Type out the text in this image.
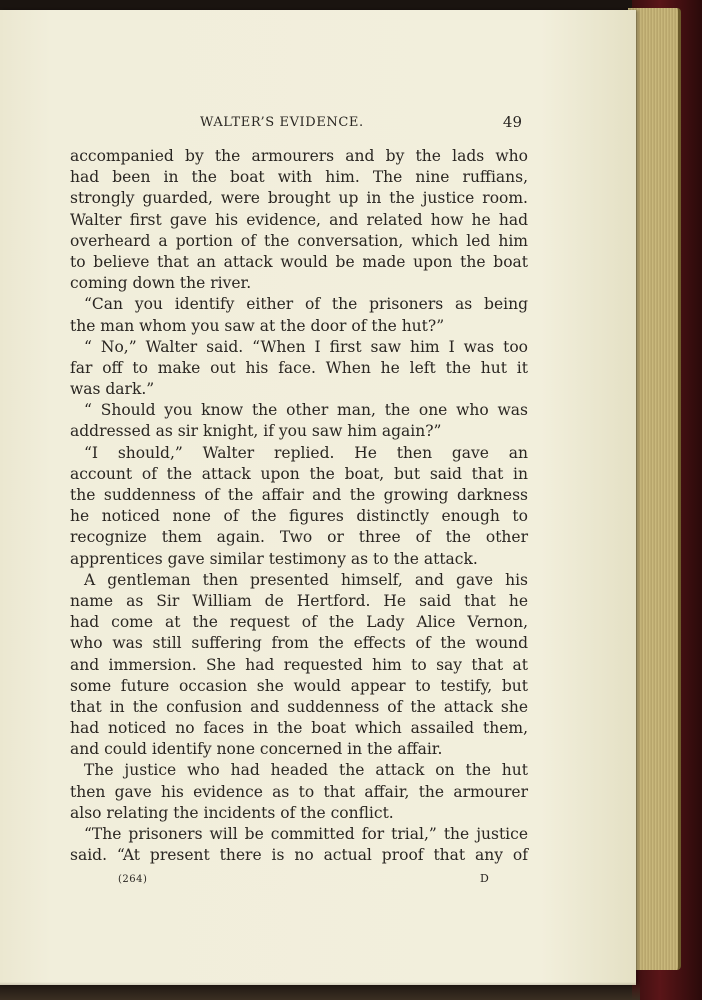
WALTER’S EVIDENCE.	49
accompanied by the armourers and by the lads who
had been in the boat with him. The nine ruffians,
strongly guarded, were brought up in the justice room.
Walter first gave his evidence, and related how he had
overheard a portion of the conversation, which led him
to believe that an attack would be made upon the boat
coming down the river.
“Can you identify either of the prisoners as being
the man whom you saw at the door of the hut?”
“ No,” Walter said. “When I first saw him I was too
far off to make out his face. When he left the hut it
was dark.”
“ Should you know the other man, the one who was
addressed as sir knight, if you saw him again?”
“I should,” Walter replied. He then gave an
account of the attack upon the boat, but said that in
the suddenness of the affair and the growing darkness
he noticed none of the figures distinctly enough to
recognize them again. Two or three of the other
apprentices gave similar testimony as to the attack.
A gentleman then presented himself, and gave his
name as Sir William de Hertford. He said that he
had come at the request of the Lady Alice Vernon,
who was still suffering from the effects of the wound
and immersion. She had requested him to say that at
some future occasion she would appear to testify, but
that in the confusion and suddenness of the attack she
had noticed no faces in the boat which assailed them,
and could identify none concerned in the affair.
The justice who had headed the attack on the hut
then gave his evidence as to that affair, the armourer
also relating the incidents of the conflict.
“The prisoners will be committed for trial,” the justice
said. “At present there is no actual proof that any of
(264)	D
